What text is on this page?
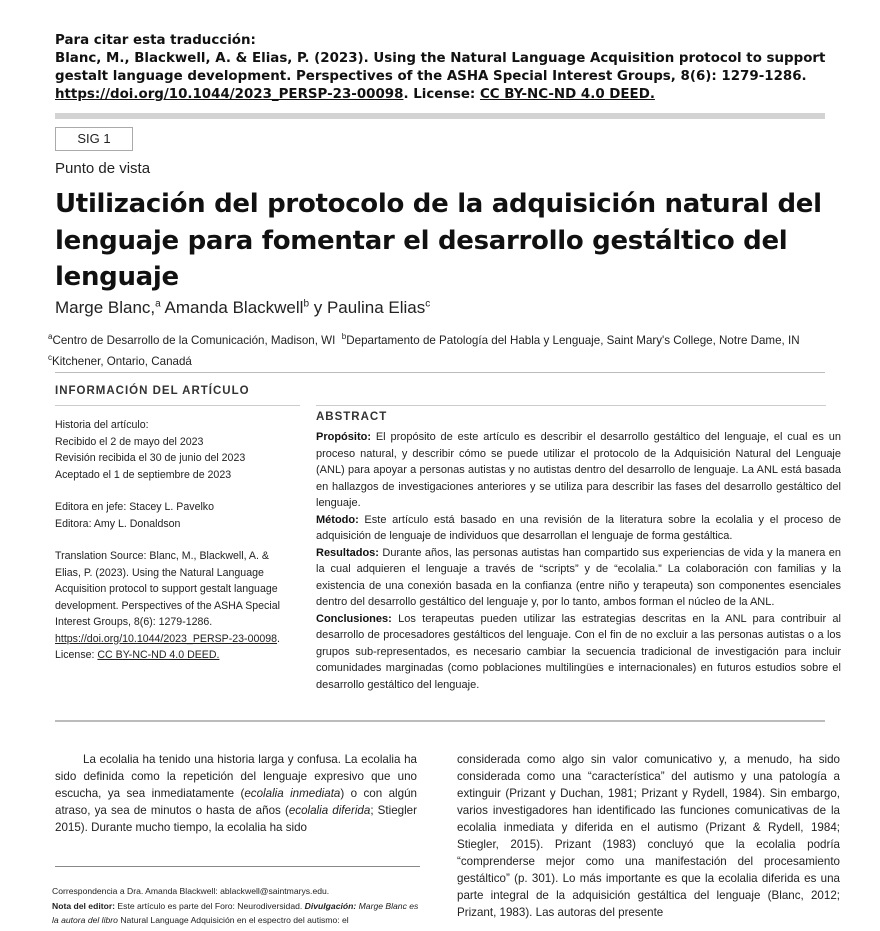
Para citar esta traducción:
Blanc, M., Blackwell, A. & Elias, P. (2023). Using the Natural Language Acquisition protocol to support
gestalt language development. Perspectives of the ASHA Special Interest Groups, 8(6): 1279-1286.
https://doi.org/10.1044/2023_PERSP-23-00098. License: CC BY-NC-ND 4.0 DEED.
SIG 1
Punto de vista
Utilización del protocolo de la adquisición natural del lenguaje para fomentar el desarrollo gestáltico del lenguaje
Marge Blanc,$^a$ Amanda Blackwell$^b$ y Paulina Elias$^c$
$^a$Centro de Desarrollo de la Comunicación, Madison, WI $^b$Departamento de Patología del Habla y Lenguaje, Saint Mary's College, Notre Dame, IN
$^c$Kitchener, Ontario, Canadá
INFORMACIÓN DEL ARTÍCULO

Historia del artículo:

Recibido el 2 de mayo del 2023

Revisión recibida el 30 de junio del 2023

Aceptado el 1 de septiembre de 2023

Editora en jefe: Stacey L. Pavelko

Editora: Amy L. Donaldson

Translation Source: Blanc, M., Blackwell, A. & Elias, P. (2023). Using the Natural Language Acquisition protocol to support gestalt language development. Perspectives of the ASHA Special Interest Groups, 8(6): 1279-1286. https://doi.org/10.1044/2023_PERSP-23-00098. License: CC BY-NC-ND 4.0 DEED.

ABSTRACT

Propósito: El propósito de este artículo es describir el desarrollo gestáltico del lenguaje, el cual es un proceso natural, y describir cómo se puede utilizar el protocolo de la Adquisición Natural del Lenguaje (ANL) para apoyar a personas autistas y no autistas dentro del desarrollo de lenguaje. La ANL está basada en hallazgos de investigaciones anteriores y se utiliza para describir las fases del desarrollo gestáltico del lenguaje.

Método: Este artículo está basado en una revisión de la literatura sobre la ecolalia y el proceso de adquisición de lenguaje de individuos que desarrollan el lenguaje de forma gestáltica.

Resultados: Durante años, las personas autistas han compartido sus experiencias de vida y la manera en la cual adquieren el lenguaje a través de “scripts” y de “ecolalia.” La colaboración con familias y la existencia de una conexión basada en la confianza (entre niño y terapeuta) son componentes esenciales dentro del desarrollo gestáltico del lenguaje y, por lo tanto, ambos forman el núcleo de la ANL.

Conclusiones: Los terapeutas pueden utilizar las estrategias descritas en la ANL para contribuir al desarrollo de procesadores gestálticos del lenguaje. Con el fin de no excluir a las personas autistas o a los grupos sub-representados, es necesario cambiar la secuencia tradicional de investigación para incluir comunidades marginadas (como poblaciones multilingües e internacionales) en futuros estudios sobre el desarrollo gestáltico del lenguaje.

La ecolalia ha tenido una historia larga y confusa. La ecolalia ha sido definida como la repetición del lenguaje expresivo que uno escucha, ya sea inmediatamente (ecolalia inmediata) o con algún atraso, ya sea de minutos o hasta de años (ecolalia diferida; Stiegler 2015). Durante mucho tiempo, la ecolalia ha sido

considerada como algo sin valor comunicativo y, a menudo, ha sido considerada como una “característica” del autismo y una patología a extinguir (Prizant y Duchan, 1981; Prizant y Rydell, 1984). Sin embargo, varios investigadores han identificado las funciones comunicativas de la ecolalia inmediata y diferida en el autismo (Prizant & Rydell, 1984; Stiegler, 2015). Prizant (1983) concluyó que la ecolalia podría “comprenderse mejor como una manifestación del procesamiento gestáltico” (p. 301). Lo más importante es que la ecolalia diferida es una parte integral de la adquisición gestáltica del lenguaje (Blanc, 2012; Prizant, 1983). Las autoras del presente

Correspondencia a Dra. Amanda Blackwell: ablackwell@saintmarys.edu.

Nota del editor: Este artículo es parte del Foro: Neurodiversidad. Divulgación: Marge Blanc es la autora del libro Natural Language Adquisición en el espectro del autismo: el
